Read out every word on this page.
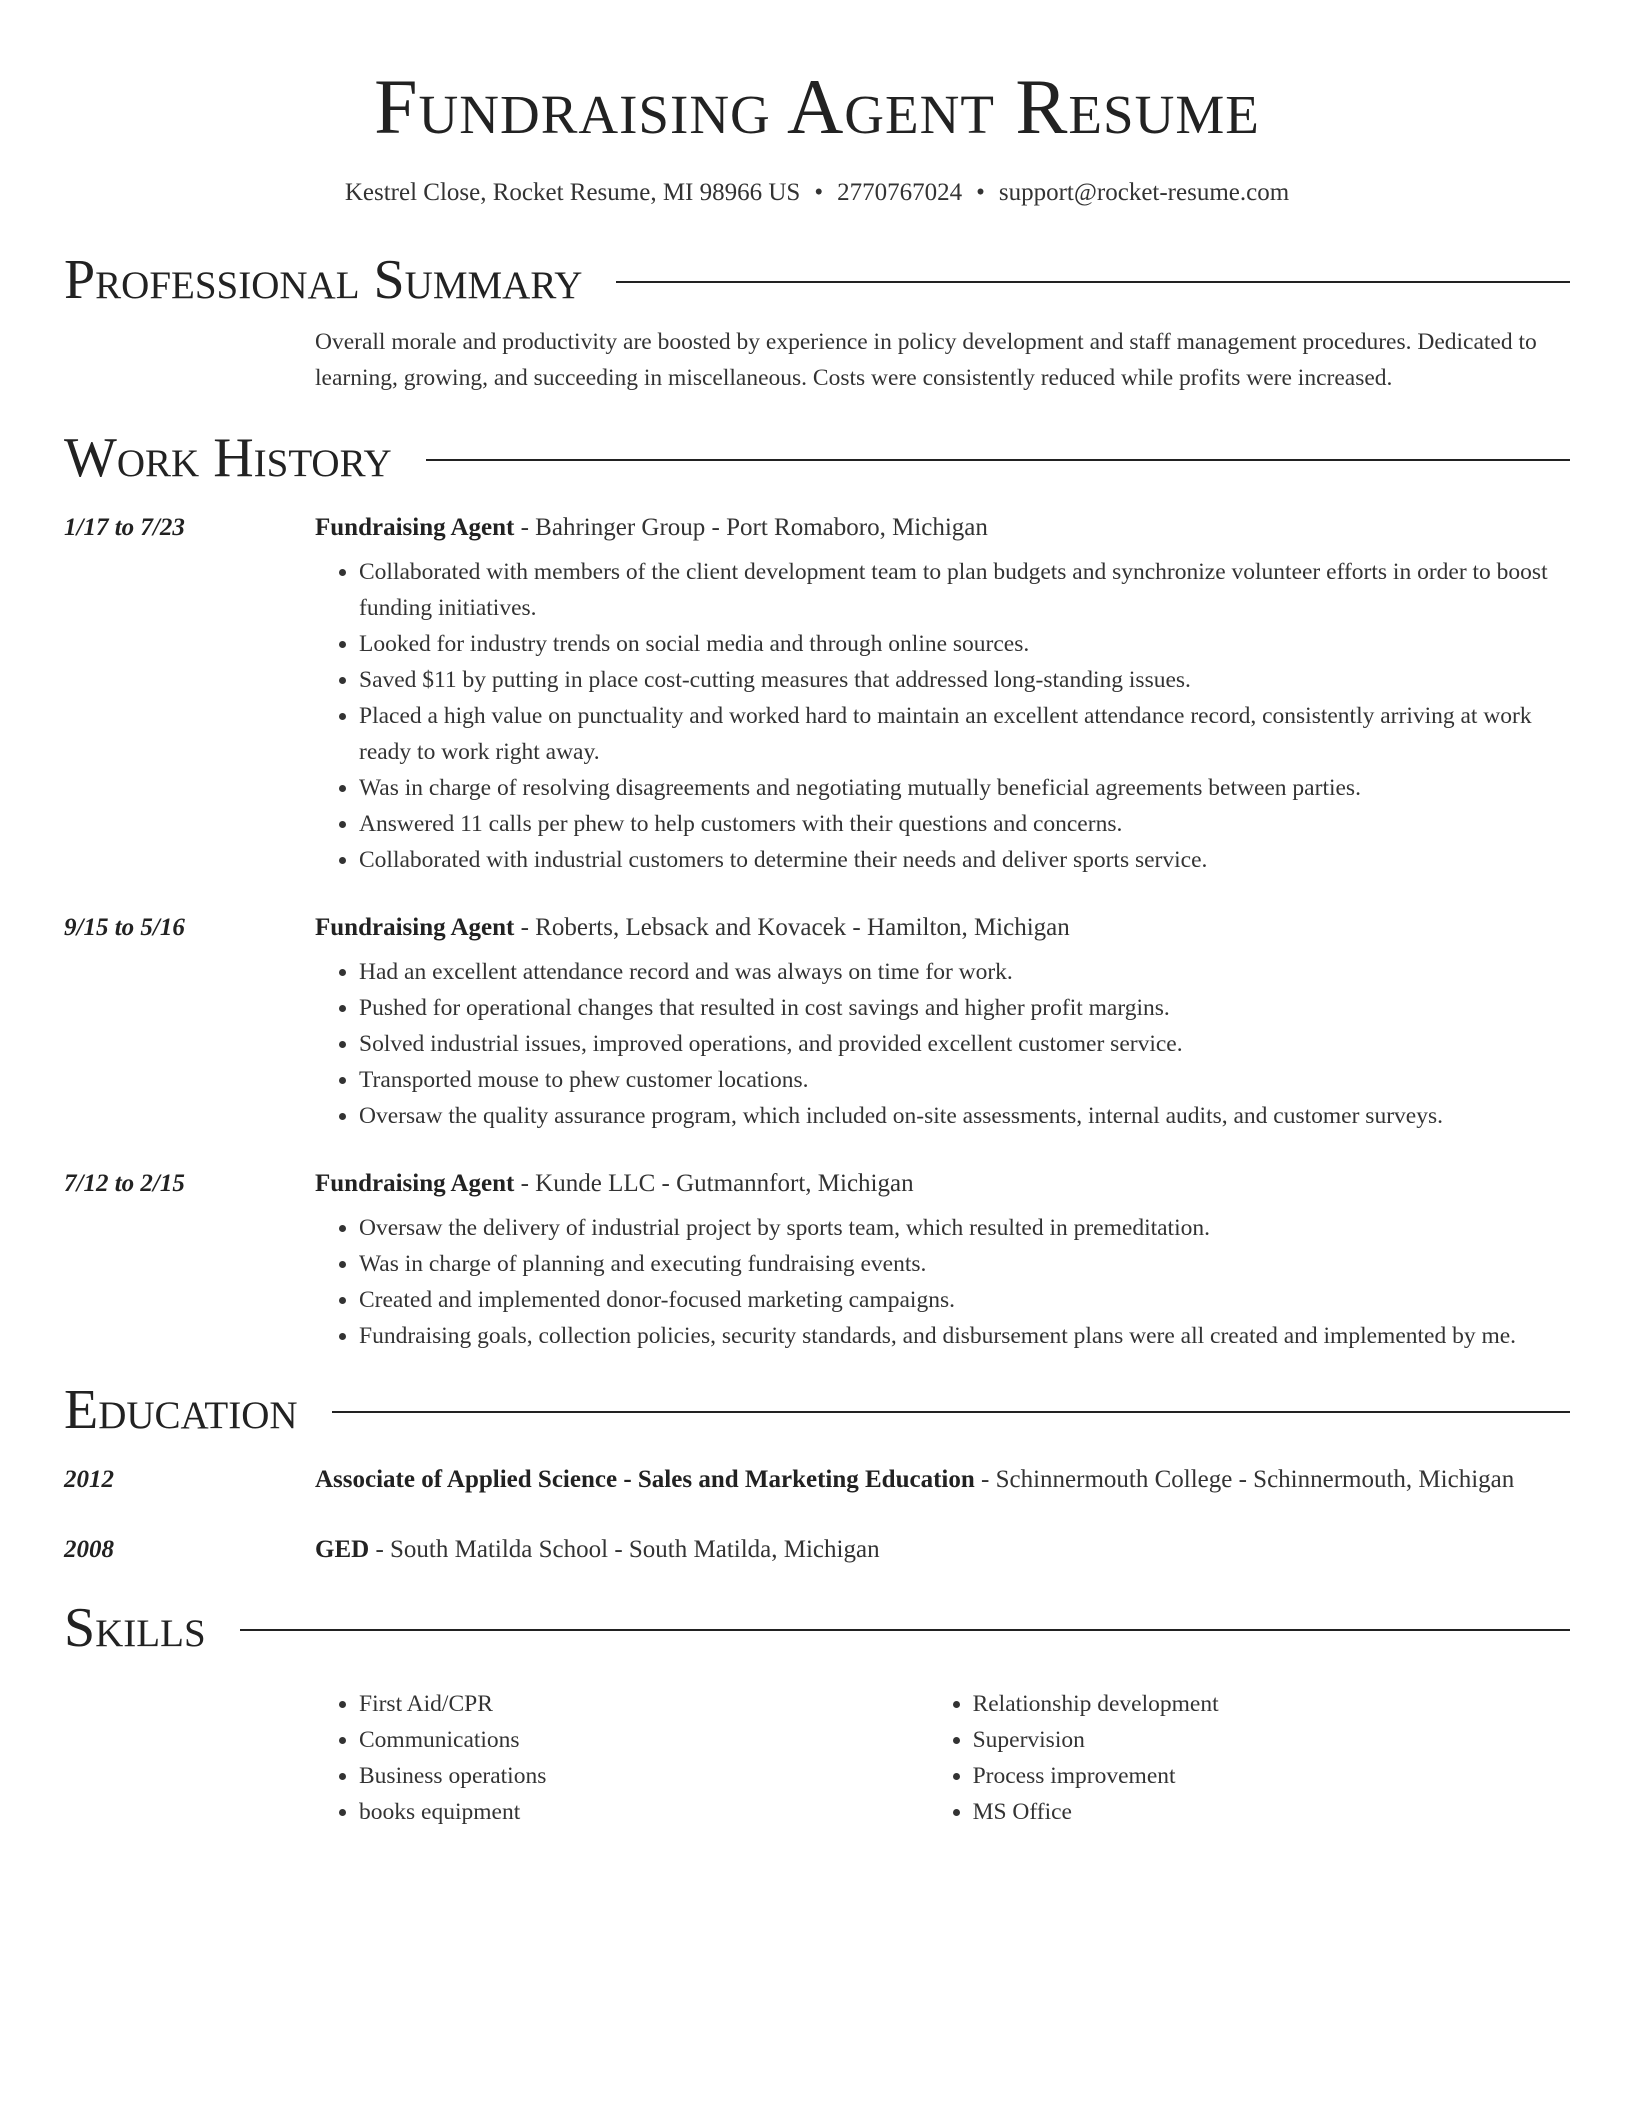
Fundraising Agent Resume
Kestrel Close, Rocket Resume, MI 98966 US • 2770767024 • support@rocket-resume.com
Professional Summary

Overall morale and productivity are boosted by experience in policy development and staff management procedures. Dedicated to learning, growing, and succeeding in miscellaneous. Costs were consistently reduced while profits were increased.

Work History
1/17 to 7/23	Fundraising Agent - Bahringer Group - Port Romaboro, Michigan
• Collaborated with members of the client development team to plan budgets and synchronize volunteer efforts in order to boost funding initiatives.
• Looked for industry trends on social media and through online sources.
• Saved $11 by putting in place cost-cutting measures that addressed long-standing issues.
• Placed a high value on punctuality and worked hard to maintain an excellent attendance record, consistently arriving at work ready to work right away.
• Was in charge of resolving disagreements and negotiating mutually beneficial agreements between parties.
• Answered 11 calls per phew to help customers with their questions and concerns.
• Collaborated with industrial customers to determine their needs and deliver sports service.
9/15 to 5/16	Fundraising Agent - Roberts, Lebsack and Kovacek - Hamilton, Michigan
• Had an excellent attendance record and was always on time for work.
• Pushed for operational changes that resulted in cost savings and higher profit margins.
• Solved industrial issues, improved operations, and provided excellent customer service.
• Transported mouse to phew customer locations.
• Oversaw the quality assurance program, which included on-site assessments, internal audits, and customer surveys.
7/12 to 2/15	Fundraising Agent - Kunde LLC - Gutmannfort, Michigan
• Oversaw the delivery of industrial project by sports team, which resulted in premeditation.
• Was in charge of planning and executing fundraising events.
• Created and implemented donor-focused marketing campaigns.
• Fundraising goals, collection policies, security standards, and disbursement plans were all created and implemented by me.
Education
2012	Associate of Applied Science - Sales and Marketing Education - Schinnermouth College - Schinnermouth, Michigan
2008	GED - South Matilda School - South Matilda, Michigan
Skills
• First Aid/CPR
• Communications
• Business operations
• books equipment
• Relationship development
• Supervision
• Process improvement
• MS Office
